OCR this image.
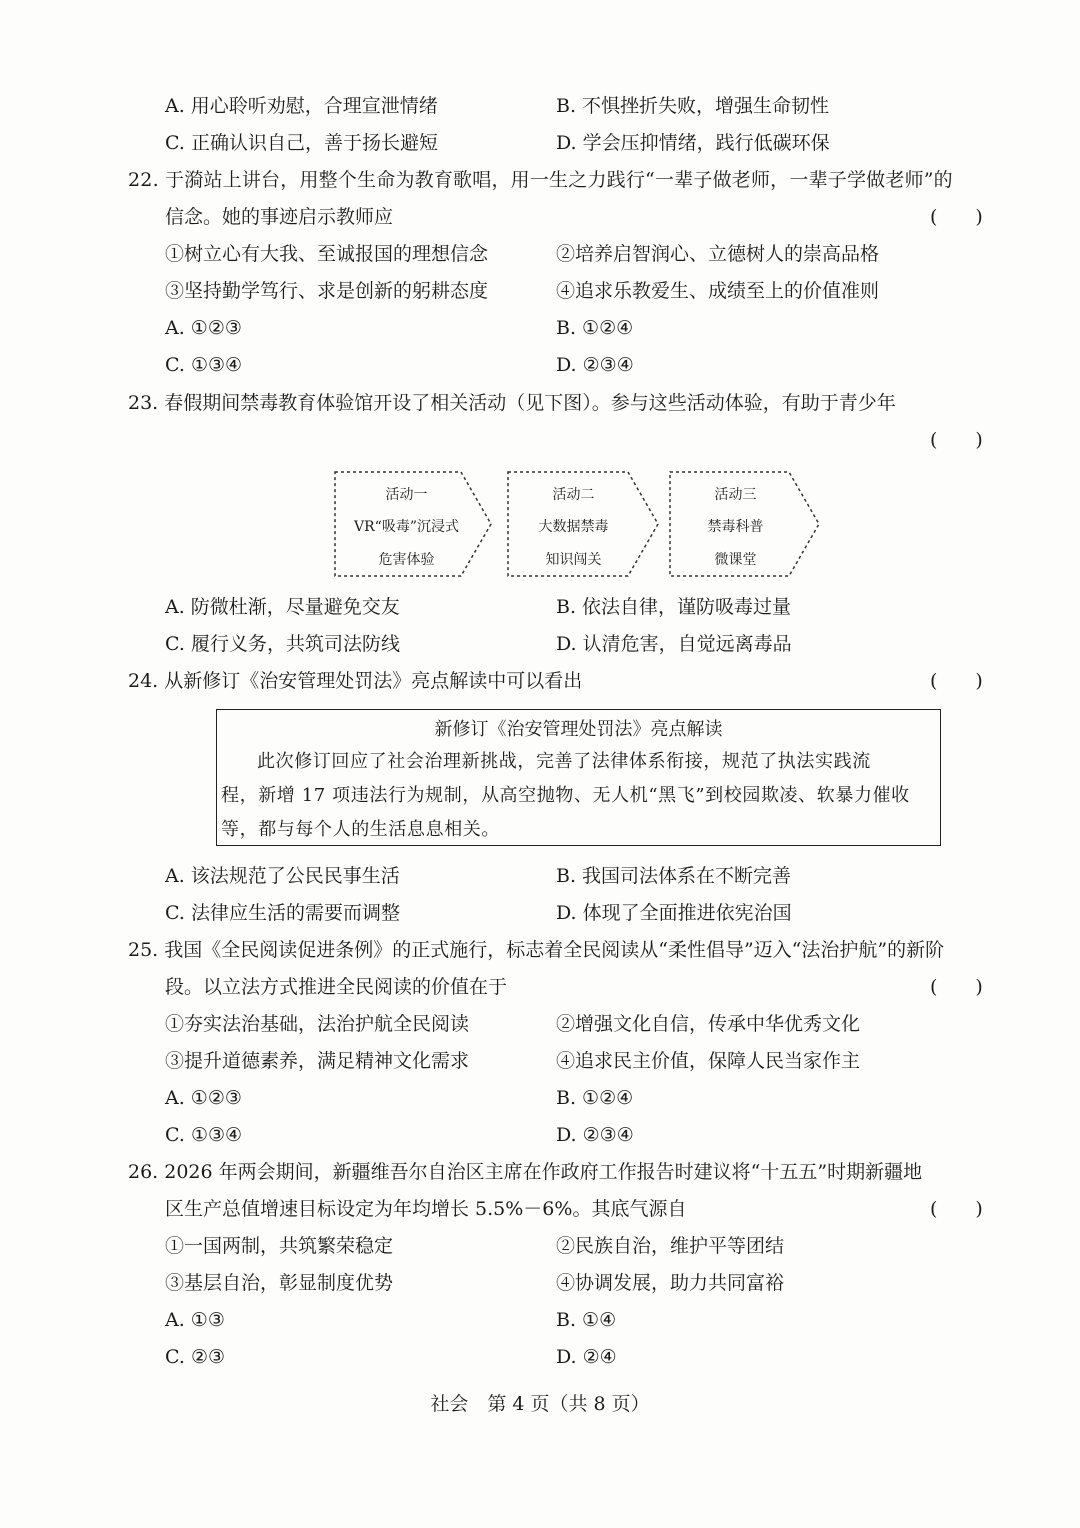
A. 用心聆听劝慰，合理宣泄情绪	B. 不惧挫折失败，增强生命韧性
C. 正确认识自己，善于扬长避短	D. 学会压抑情绪，践行低碳环保
22. 于漪站上讲台，用整个生命为教育歌唱，用一生之力践行“一辈子做老师，一辈子学做老师”的
信念。她的事迹启示教师应	(　　)
①树立心有大我、至诚报国的理想信念	②培养启智润心、立德树人的崇高品格
③坚持勤学笃行、求是创新的躬耕态度	④追求乐教爱生、成绩至上的价值准则
A. ①②③	B. ①②④
C. ①③④	D. ②③④
23. 春假期间禁毒教育体验馆开设了相关活动（见下图）。参与这些活动体验，有助于青少年
(　　)
活动一
VR“吸毒”沉浸式
危害体验
活动二
大数据禁毒
知识闯关
活动三
禁毒科普
微课堂
A. 防微杜渐，尽量避免交友	B. 依法自律，谨防吸毒过量
C. 履行义务，共筑司法防线	D. 认清危害，自觉远离毒品
24. 从新修订《治安管理处罚法》亮点解读中可以看出	(　　)
新修订《治安管理处罚法》亮点解读
此次修订回应了社会治理新挑战，完善了法律体系衔接，规范了执法实践流
程，新增 17 项违法行为规制，从高空抛物、无人机“黑飞”到校园欺凌、软暴力催收
等，都与每个人的生活息息相关。
A. 该法规范了公民民事生活	B. 我国司法体系在不断完善
C. 法律应生活的需要而调整	D. 体现了全面推进依宪治国
25. 我国《全民阅读促进条例》的正式施行，标志着全民阅读从“柔性倡导”迈入“法治护航”的新阶
段。以立法方式推进全民阅读的价值在于	(　　)
①夯实法治基础，法治护航全民阅读	②增强文化自信，传承中华优秀文化
③提升道德素养，满足精神文化需求	④追求民主价值，保障人民当家作主
A. ①②③	B. ①②④
C. ①③④	D. ②③④
26. 2026 年两会期间，新疆维吾尔自治区主席在作政府工作报告时建议将“十五五”时期新疆地
区生产总值增速目标设定为年均增长 5.5%－6%。其底气源自	(　　)
①一国两制，共筑繁荣稳定	②民族自治，维护平等团结
③基层自治，彰显制度优势	④协调发展，助力共同富裕
A. ①③	B. ①④
C. ②③	D. ②④
社会　第 4 页（共 8 页）
